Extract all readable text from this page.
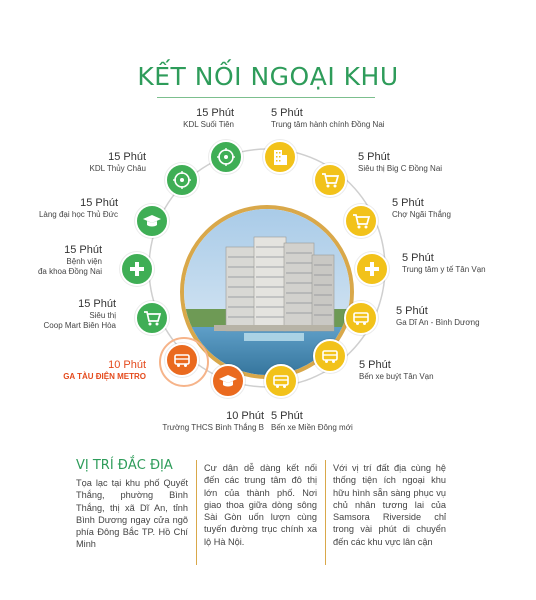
KẾT NỐI NGOẠI KHU
15 Phút
KDL Suối Tiên
5 Phút
Trung tâm hành chính Đồng Nai
5 Phút
Siêu thị Big C Đồng Nai
5 Phút
Chợ Ngãi Thắng
5 Phút
Trung tâm y tế Tân Vạn
5 Phút
Ga Dĩ An - Bình Dương
5 Phút
Bến xe buýt Tân Vạn
5 Phút
Bến xe Miền Đông mới
10 Phút
Trường THCS Bình Thắng B
10 Phút
GA TÀU ĐIỆN METRO
15 Phút
Siêu thị
Coop Mart Biên Hòa
15 Phút
Bệnh viện
đa khoa Đồng Nai
15 Phút
Làng đại học Thủ Đức
15 Phút
KDL Thủy Châu
VỊ TRÍ ĐẮC ĐỊA
Tọa lạc tại khu phố Quyết Thắng, phường Bình Thắng, thị xã Dĩ An, tỉnh Bình Dương ngay cửa ngõ phía Đông Bắc TP. Hồ Chí Minh
Cư dân dễ dàng kết nối đến các trung tâm đô thị lớn của thành phố. Nơi giao thoa giữa dòng sông Sài Gòn uốn lượn cùng tuyến đường trục chính xa lộ Hà Nội.
Với vị trí đất địa cùng hệ thống tiện ích ngoại khu hữu hình sẵn sàng phục vụ chủ nhân tương lai của Samsora Riverside chỉ trong vài phút di chuyển đến các khu vực lân cận
